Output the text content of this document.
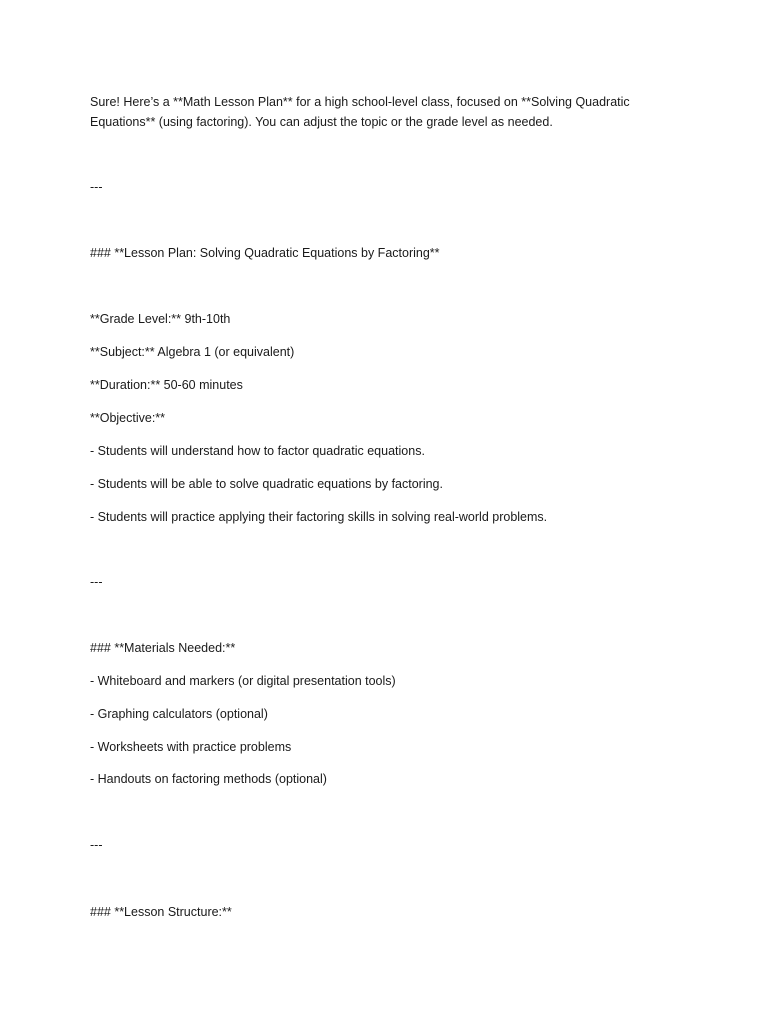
Sure! Here’s a **Math Lesson Plan** for a high school-level class, focused on **Solving Quadratic
Equations** (using factoring). You can adjust the topic or the grade level as needed.
---
### **Lesson Plan: Solving Quadratic Equations by Factoring**
**Grade Level:** 9th-10th
**Subject:** Algebra 1 (or equivalent)
**Duration:** 50-60 minutes
**Objective:**
- Students will understand how to factor quadratic equations.
- Students will be able to solve quadratic equations by factoring.
- Students will practice applying their factoring skills in solving real-world problems.
---
### **Materials Needed:**
- Whiteboard and markers (or digital presentation tools)
- Graphing calculators (optional)
- Worksheets with practice problems
- Handouts on factoring methods (optional)
---
### **Lesson Structure:**
